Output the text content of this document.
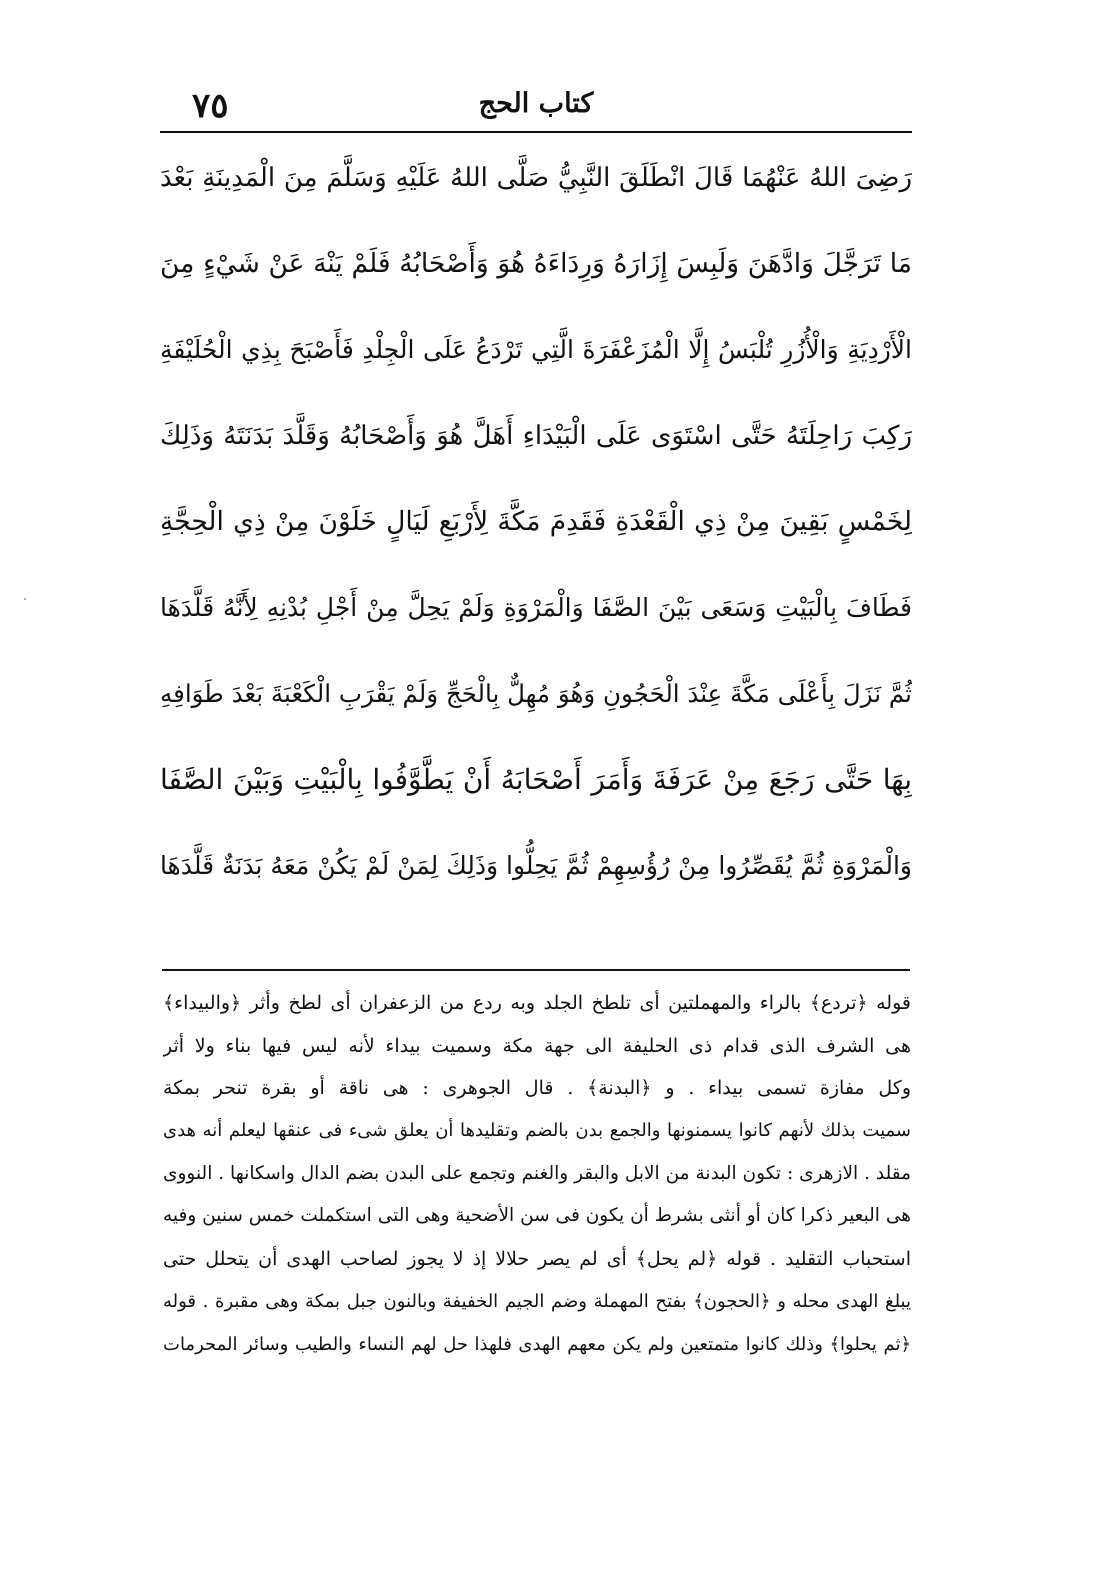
كتاب الحج
٧٥
رَضِىَ اللهُ عَنْهُمَا قَالَ انْطَلَقَ النَّبِيُّ صَلَّى اللهُ عَلَيْهِ وَسَلَّمَ مِنَ الْمَدِينَةِ بَعْدَ
مَا تَرَجَّلَ وَادَّهَنَ وَلَبِسَ إِزَارَهُ وَرِدَاءَهُ هُوَ وَأَصْحَابُهُ فَلَمْ يَنْهَ عَنْ شَيْءٍ مِنَ
الْأَرْدِيَةِ وَالْأُزُرِ تُلْبَسُ إِلَّا الْمُزَعْفَرَةَ الَّتِي تَرْدَعُ عَلَى الْجِلْدِ فَأَصْبَحَ بِذِي الْحُلَيْفَةِ
رَكِبَ رَاحِلَتَهُ حَتَّى اسْتَوَى عَلَى الْبَيْدَاءِ أَهَلَّ هُوَ وَأَصْحَابُهُ وَقَلَّدَ بَدَنَتَهُ وَذَلِكَ
لِخَمْسٍ بَقِينَ مِنْ ذِي الْقَعْدَةِ فَقَدِمَ مَكَّةَ لِأَرْبَعِ لَيَالٍ خَلَوْنَ مِنْ ذِي الْحِجَّةِ
فَطَافَ بِالْبَيْتِ وَسَعَى بَيْنَ الصَّفَا وَالْمَرْوَةِ وَلَمْ يَحِلَّ مِنْ أَجْلِ بُدْنِهِ لِأَنَّهُ قَلَّدَهَا
ثُمَّ نَزَلَ بِأَعْلَى مَكَّةَ عِنْدَ الْحَجُونِ وَهُوَ مُهِلٌّ بِالْحَجِّ وَلَمْ يَقْرَبِ الْكَعْبَةَ بَعْدَ طَوَافِهِ
بِهَا حَتَّى رَجَعَ مِنْ عَرَفَةَ وَأَمَرَ أَصْحَابَهُ أَنْ يَطَّوَّفُوا بِالْبَيْتِ وَبَيْنَ الصَّفَا
وَالْمَرْوَةِ ثُمَّ يُقَصِّرُوا مِنْ رُؤُسِهِمْ ثُمَّ يَحِلُّوا وَذَلِكَ لِمَنْ لَمْ يَكُنْ مَعَهُ بَدَنَةٌ قَلَّدَهَا
قوله ﴿تردع﴾ بالراء والمهملتين أى تلطخ الجلد وبه ردع من الزعفران أى لطخ وأثر ﴿والبيداء﴾
هى الشرف الذى قدام ذى الحليفة الى جهة مكة وسميت بيداء لأنه ليس فيها بناء ولا أثر
وكل مفازة تسمى بيداء . و ﴿البدنة﴾ . قال الجوهرى : هى ناقة أو بقرة تنحر بمكة
سميت بذلك لأنهم كانوا يسمنونها والجمع بدن بالضم وتقليدها أن يعلق شىء فى عنقها ليعلم أنه هدى
مقلد . الازهرى : تكون البدنة من الابل والبقر والغنم وتجمع على البدن بضم الدال واسكانها . النووى
هى البعير ذكرا كان أو أنثى بشرط أن يكون فى سن الأضحية وهى التى استكملت خمس سنين وفيه
استحباب التقليد . قوله ﴿لم يحل﴾ أى لم يصر حلالا إذ لا يجوز لصاحب الهدى أن يتحلل حتى
يبلغ الهدى محله و ﴿الحجون﴾ بفتح المهملة وضم الجيم الخفيفة وبالنون جبل بمكة وهى مقبرة . قوله
﴿ثم يحلوا﴾ وذلك كانوا متمتعين ولم يكن معهم الهدى فلهذا حل لهم النساء والطيب وسائر المحرمات
